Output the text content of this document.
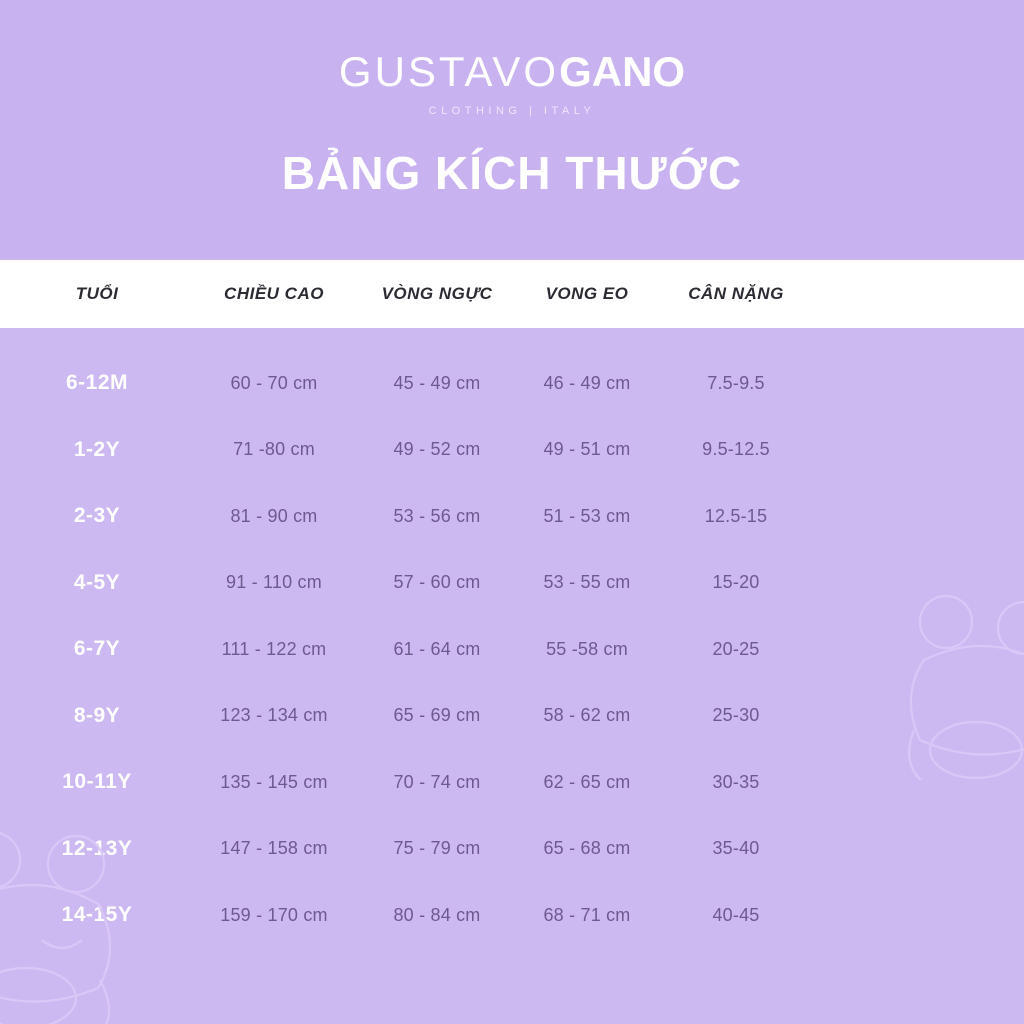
GUSTAVOGANO
CLOTHING | ITALY
BẢNG KÍCH THƯỚC
TUỔI	CHIỀU CAO	VÒNG NGỰC	VONG EO	CÂN NẶNG
6-12M	60 - 70 cm	45 - 49 cm	46 - 49 cm	7.5-9.5
1-2Y	71 -80 cm	49 - 52 cm	49 - 51 cm	9.5-12.5
2-3Y	81 - 90 cm	53 - 56 cm	51 - 53 cm	12.5-15
4-5Y	91 - 110 cm	57 - 60 cm	53 - 55 cm	15-20
6-7Y	111 - 122 cm	61 - 64 cm	55 -58 cm	20-25
8-9Y	123 - 134 cm	65 - 69 cm	58 - 62 cm	25-30
10-11Y	135 - 145 cm	70 - 74 cm	62 - 65 cm	30-35
12-13Y	147 - 158 cm	75 - 79 cm	65 - 68 cm	35-40
14-15Y	159 - 170 cm	80 - 84 cm	68 - 71 cm	40-45
